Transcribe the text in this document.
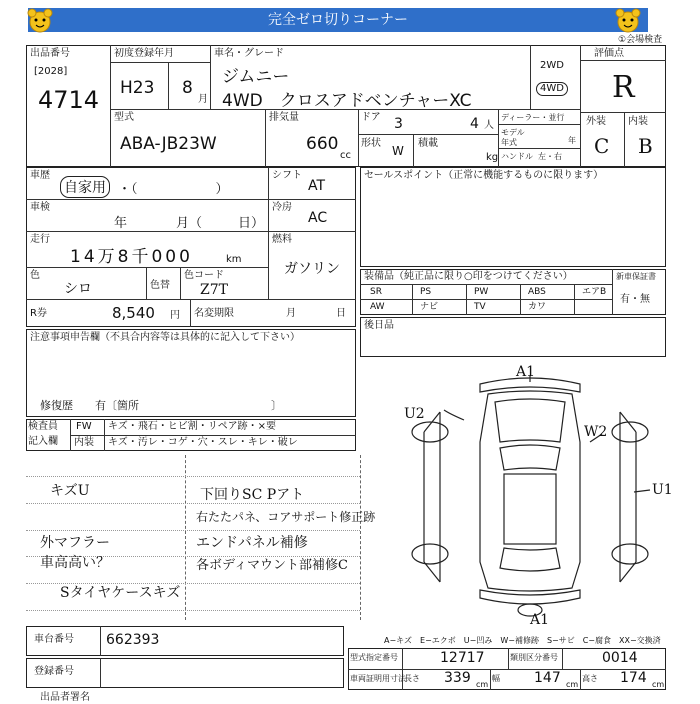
完全ゼロ切りコーナー
①会場検査
出品番号
[2028]
4714
初度登録年月
H23 8
月
車名・グレード
ジムニー
4WD　クロスアドベンチャーXC
2WD
4WD
評価点
R
外装 内装
C B
型式
ABA-JB23W
排気量
660
cc
ドア 3	4 人
積載
kg
形状
W
ディーラー・並行
モデル年式	年
ハンドル 左・右
車歴
自家用 ・（　　　　　　）
シフト
AT
車検
年	月（	日）
冷房
AC
走行
14万8千000	km
燃料
ガソリン
色
シロ	色替
色コード
Z7T
R券	8,540 円 名変期限	月	日
セールスポイント（正常に機能するものに限ります）
装備品（純正品に限り○印をつけてください）	新車保証書
有・無
SR	PS	PW	ABS	エアB
AW	ナビ	TV	カワ
後日品
注意事項申告欄（不具合内容等は具体的に記入して下さい）
修復歴　　有〔箇所　　　　　　　　　　　　〕
検査員
記入欄
FW キズ・飛石・ヒビ割・リペア跡・×要
内装 キズ・汚レ・コゲ・穴・スレ・キレ・破レ
キズU
外マフラー
車高高い？
Sタイヤケースキズ
下回りSC Pアト
右たたパネ、コアサポート修正跡
エンドパネル補修
各ボディマウント部補修C
A1
U2
W2
U1
A1
車台番号 662393
登録番号
A−キズ　E−エクボ　U−凹み　W−補修跡　S−サビ　C−腐食　XX−交換済
型式指定番号	12717	類別区分番号	0014
車両証明用寸法
長さ 339 cm
幅 147 cm
高さ 174 cm
出品者署名
